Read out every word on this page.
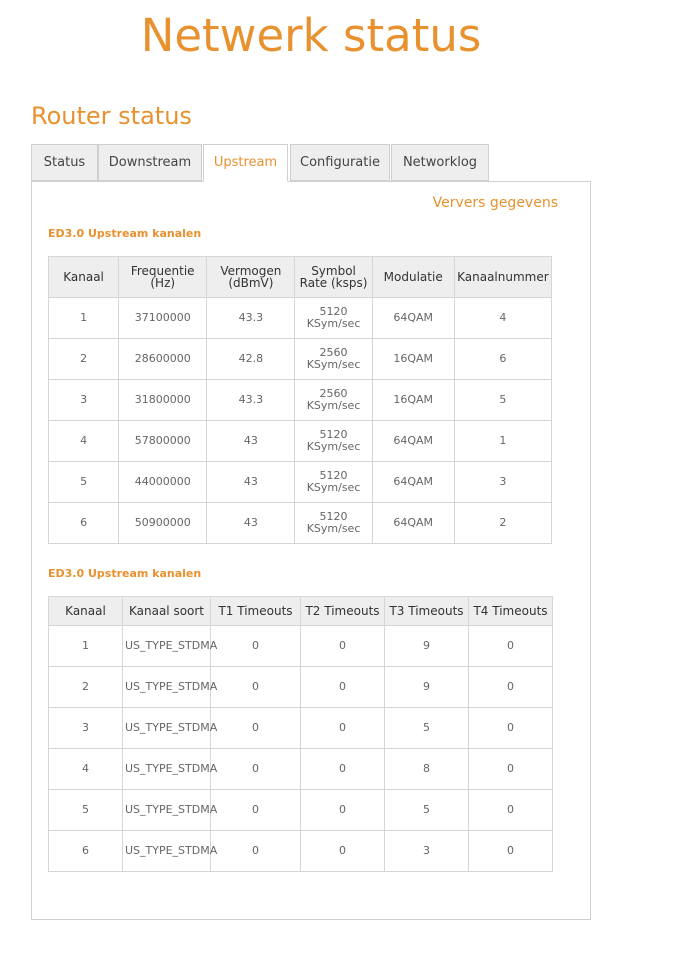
Netwerk status
Router status
Status	Downstream	Upstream	Configuratie	Networklog
Ververs gegevens
ED3.0 Upstream kanalen
Kanaal	Frequentie (Hz)	Vermogen (dBmV)	Symbol Rate (ksps)	Modulatie	Kanaalnummer
1	37100000	43.3	5120 KSym/sec	64QAM	4
2	28600000	42.8	2560 KSym/sec	16QAM	6
3	31800000	43.3	2560 KSym/sec	16QAM	5
4	57800000	43	5120 KSym/sec	64QAM	1
5	44000000	43	5120 KSym/sec	64QAM	3
6	50900000	43	5120 KSym/sec	64QAM	2
ED3.0 Upstream kanalen
Kanaal	Kanaal soort	T1 Timeouts	T2 Timeouts	T3 Timeouts	T4 Timeouts
1	US_TYPE_STDMA	0	0	9	0
2	US_TYPE_STDMA	0	0	9	0
3	US_TYPE_STDMA	0	0	5	0
4	US_TYPE_STDMA	0	0	8	0
5	US_TYPE_STDMA	0	0	5	0
6	US_TYPE_STDMA	0	0	3	0
